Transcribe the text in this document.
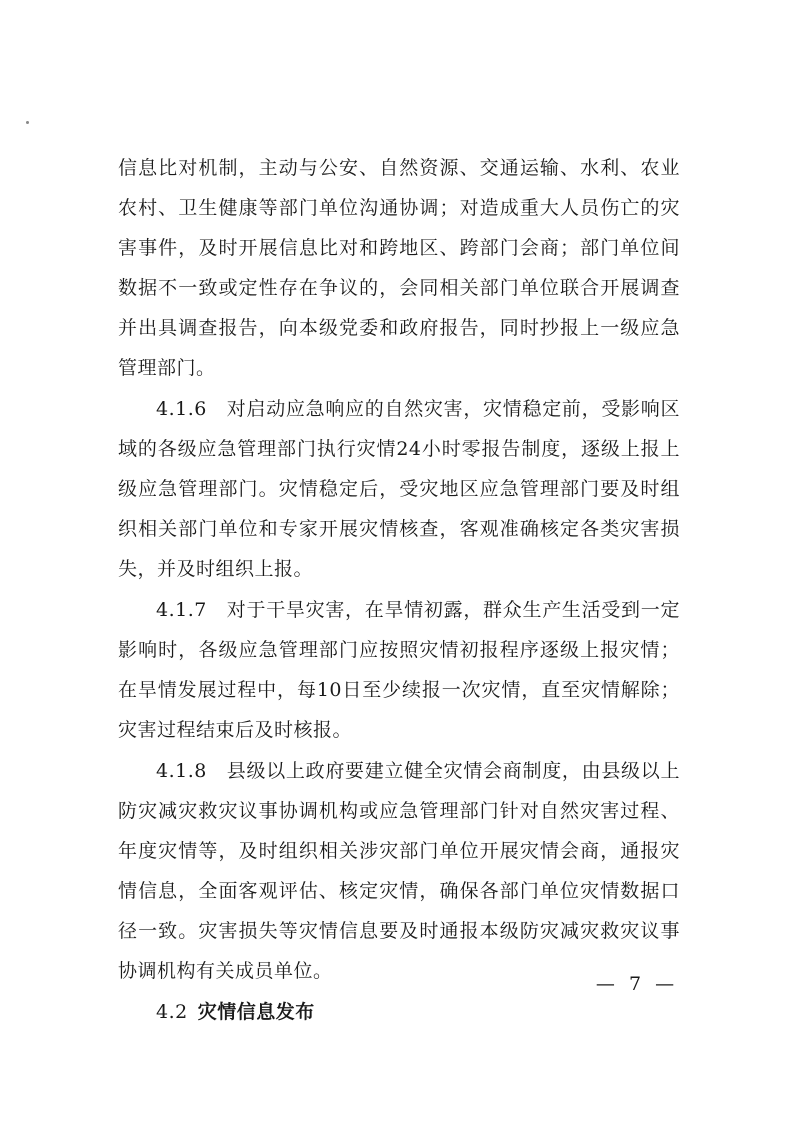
信息比对机制，主动与公安、自然资源、交通运输、水利、农业农村、卫生健康等部门单位沟通协调；对造成重大人员伤亡的灾害事件，及时开展信息比对和跨地区、跨部门会商；部门单位间数据不一致或定性存在争议的，会同相关部门单位联合开展调查并出具调查报告，向本级党委和政府报告，同时抄报上一级应急管理部门。

4.1.6　对启动应急响应的自然灾害，灾情稳定前，受影响区域的各级应急管理部门执行灾情24小时零报告制度，逐级上报上级应急管理部门。灾情稳定后，受灾地区应急管理部门要及时组织相关部门单位和专家开展灾情核查，客观准确核定各类灾害损失，并及时组织上报。

4.1.7　对于干旱灾害，在旱情初露，群众生产生活受到一定影响时，各级应急管理部门应按照灾情初报程序逐级上报灾情；在旱情发展过程中，每10日至少续报一次灾情，直至灾情解除；灾害过程结束后及时核报。

4.1.8　县级以上政府要建立健全灾情会商制度，由县级以上防灾减灾救灾议事协调机构或应急管理部门针对自然灾害过程、年度灾情等，及时组织相关涉灾部门单位开展灾情会商，通报灾情信息，全面客观评估、核定灾情，确保各部门单位灾情数据口径一致。灾害损失等灾情信息要及时通报本级防灾减灾救灾议事协调机构有关成员单位。

4.2 灾情信息发布

— 7 —
